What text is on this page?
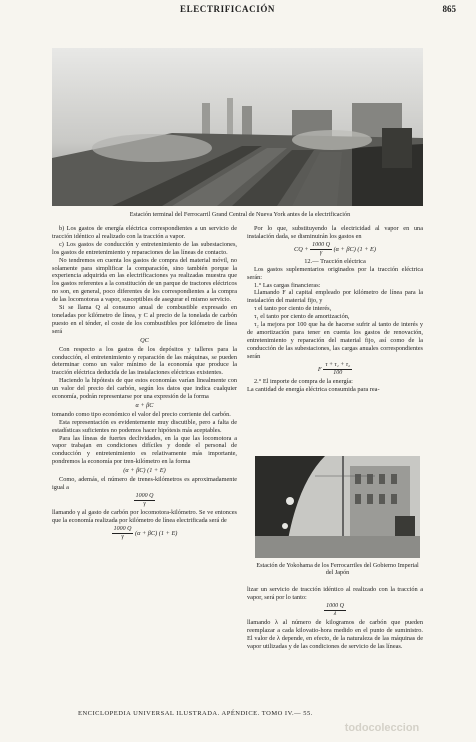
ELECTRIFICACIÓN	865
Estación terminal del Ferrocarril Grand Central de Nueva York antes de la electrificación

b) Los gastos de energía eléctrica correspondientes a un servicio de tracción idéntico al realizado con la tracción a vapor.

c) Los gastos de conducción y entretenimiento de las subestaciones, los gastos de entretenimiento y reparaciones de las líneas de contacto.

No tendremos en cuenta los gastos de compra del material móvil, no solamente para simplificar la comparación, sino también porque la experiencia adquirida en las electrificaciones ya realizadas muestra que los gastos referentes a la constitución de un parque de tractores eléctricos no son, en general, poco diferentes de los correspondientes a la compra de las locomotoras a vapor, susceptibles de asegurar el mismo servicio.

Si se llama Q al consumo anual de combustible expresado en toneladas por kilómetro de línea, y C al precio de la tonelada de carbón puesto en el ténder, el coste de los combustibles por kilómetro de línea será

QC

Con respecto a los gastos de los depósitos y talleres para la conducción, el entretenimiento y reparación de las máquinas, se pueden determinar como un valor mínimo de la economía que produce la tracción eléctrica deducida de las instalaciones eléctricas existentes.

Haciendo la hipótesis de que estos economías varían linealmente con un valor del precio del carbón, según los datos que indica cualquier economía, podrán representarse por una expresión de la forma

α + βC

tomando como tipo económico el valor del precio corriente del carbón.

Esta representación es evidentemente muy discutible, pero a falta de estadísticas suficientes no podemos hacer hipótesis más aceptables.

Para las líneas de fuertes declividades, en la que las locomotora a vapor trabajan en condiciones difíciles y donde el personal de conducción y entretenimiento es relativamente más importante, pondremos la economía por tren-kilómetro en la forma

(α + βC) (1 + E)

Como, además, el número de trenes-kilómetros es aproximadamente igual a

$\frac{1000 Q}{\gamma}$

llamando γ al gasto de carbón por locomotora-kilómetro. Se ve entonces que la economía realizada por kilómetro de línea electrificada será de

$\frac{1000 Q}{\gamma} (\alpha + \beta C) (1 + E)$

Por lo que, substituyendo la electricidad al vapor en una instalación dada, se disminuirán los gastos en

CQ + $\frac{1000 Q}{\gamma} (\alpha + \beta C) (1 + E)$
12.— Tracción eléctrica

Los gastos suplementarios originados por la tracción eléctrica serán:

1.° Las cargas financieras:

Llamando F al capital empleado por kilómetro de línea para la instalación del material fijo, y

τ el tanto por ciento de interés,

τ₁ el tanto por ciento de amortización,

τ₂ la mejora por 100 que ha de hacerse sufrir al tanto de interés y de amortización para tener en cuenta los gastos de renovación, entretenimiento y reparación del material fijo, así como de la conducción de las subestaciones, las cargas anuales correspondientes serán

F $\frac{\text{τ + τ₁ + τ₂}}{100}$

2.° El importe de compra de la energía:

La cantidad de energía eléctrica consumida para rea-

Estación de Yokohama de los Ferrocarriles del Gobierno Imperial del Japón

lizar un servicio de tracción idéntico al realizado con la tracción a vapor, será por lo tanto:

$\frac{1000 Q}{\lambda}$

llamando λ al número de kilogramos de carbón que pueden reemplazar a cada kilovatio-hora medido en el punto de suministro. El valor de λ depende, en efecto, de la naturaleza de las máquinas de vapor utilizadas y de las condiciones de servicio de las líneas.

ENCICLOPEDIA UNIVERSAL ILUSTRADA. APÉNDICE. TOMO IV.— 55.
todocoleccion
